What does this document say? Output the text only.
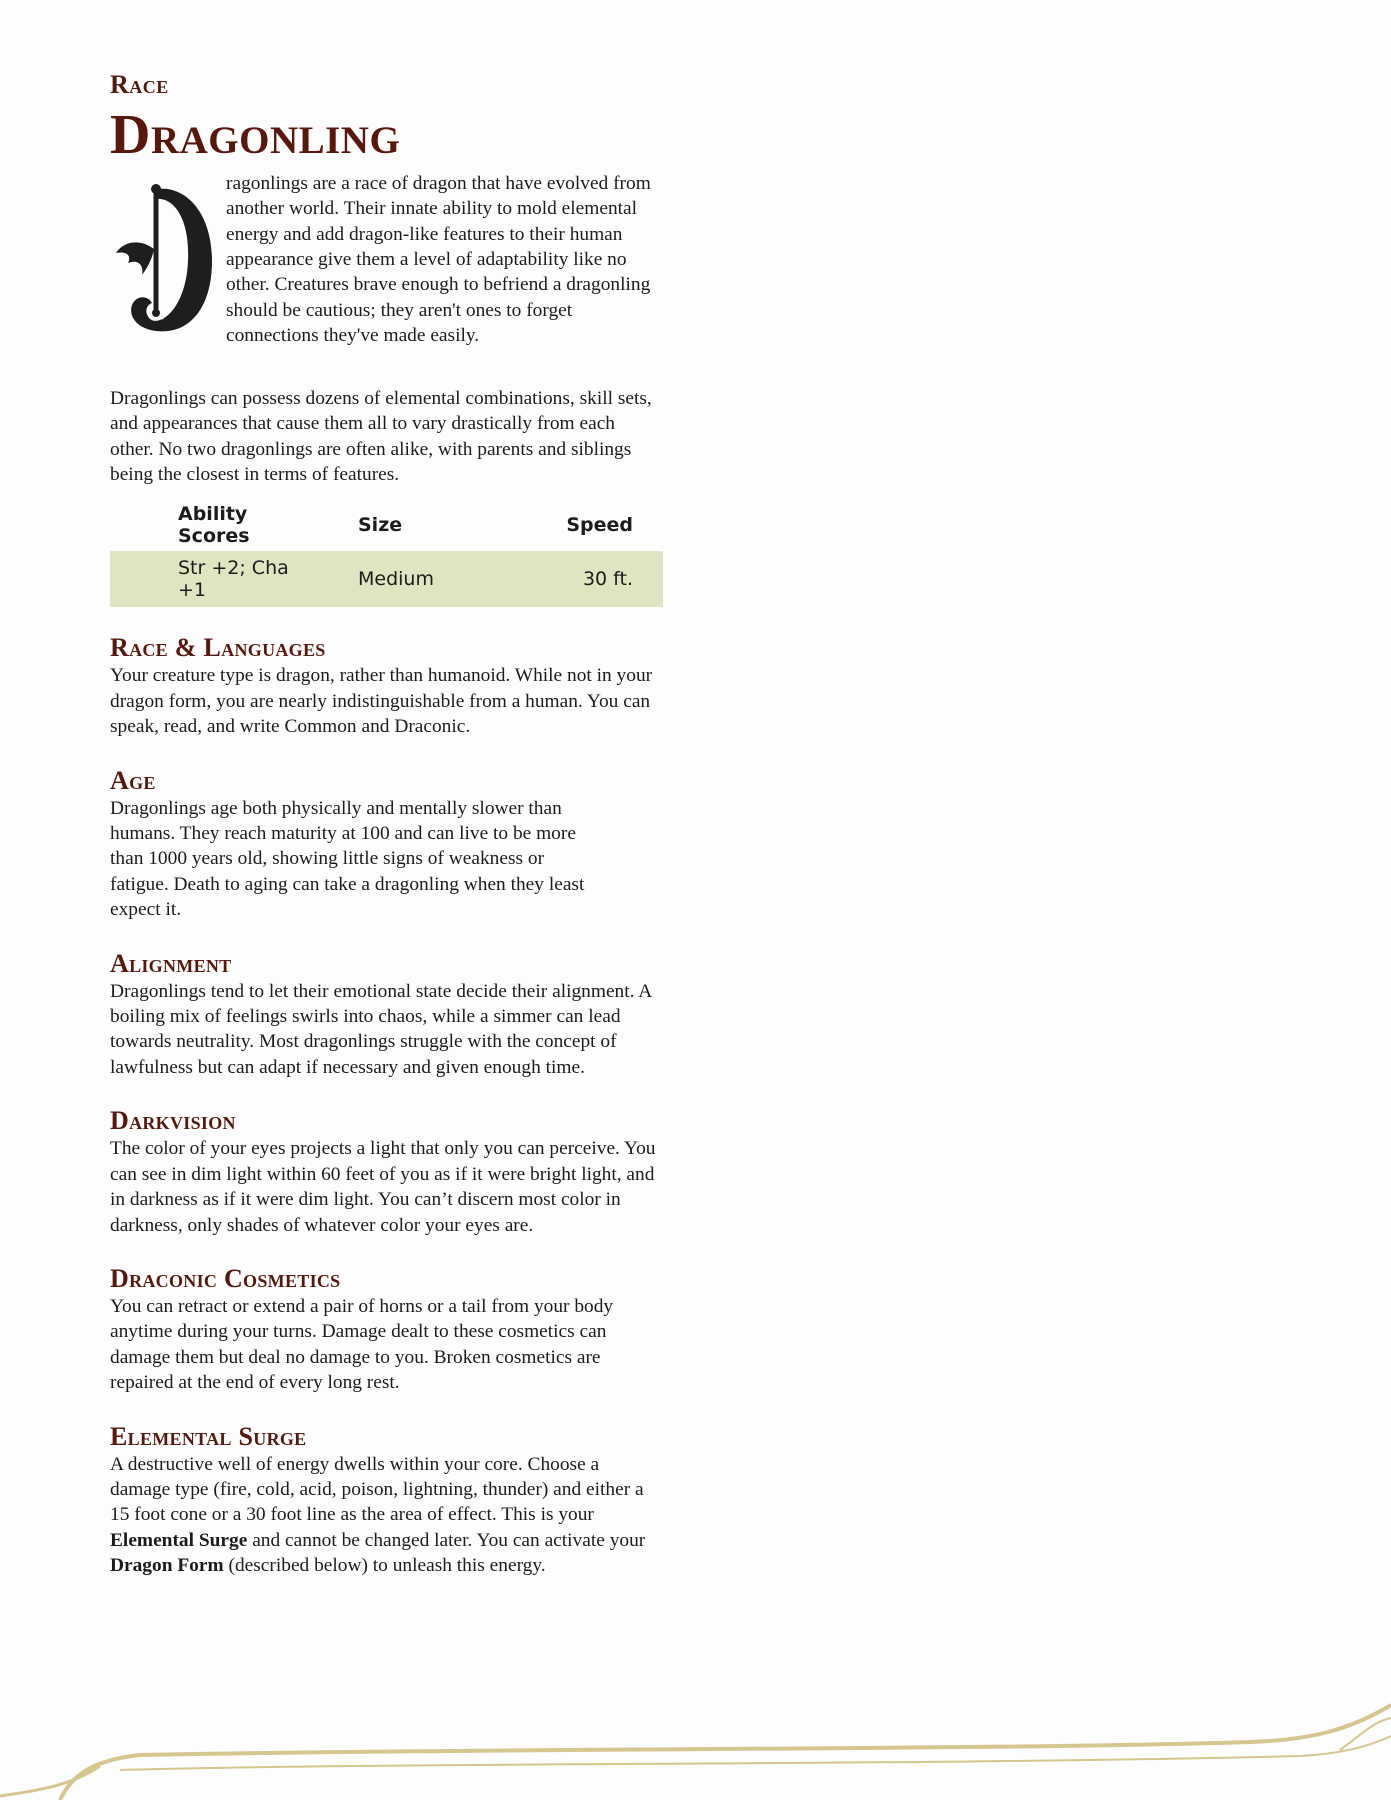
Race
Dragonling

ragonlings are a race of dragon that have evolved from another world. Their innate ability to mold elemental energy and add dragon-like features to their human appearance give them a level of adaptability like no other. Creatures brave enough to befriend a dragonling should be cautious; they aren't ones to forget connections they've made easily.

Dragonlings can possess dozens of elemental combinations, skill sets, and appearances that cause them all to vary drastically from each other. No two dragonlings are often alike, with parents and siblings being the closest in terms of features.

Ability Scores	Size	Speed
Str +2; Cha +1	Medium	30 ft.
Race & Languages

Your creature type is dragon, rather than humanoid. While not in your dragon form, you are nearly indistinguishable from a human. You can speak, read, and write Common and Draconic.

Age

Dragonlings age both physically and mentally slower than humans. They reach maturity at 100 and can live to be more than 1000 years old, showing little signs of weakness or fatigue. Death to aging can take a dragonling when they least expect it.

Alignment

Dragonlings tend to let their emotional state decide their alignment. A boiling mix of feelings swirls into chaos, while a simmer can lead towards neutrality. Most dragonlings struggle with the concept of lawfulness but can adapt if necessary and given enough time.

Darkvision

The color of your eyes projects a light that only you can perceive. You can see in dim light within 60 feet of you as if it were bright light, and in darkness as if it were dim light. You can’t discern most color in darkness, only shades of whatever color your eyes are.

Draconic Cosmetics

You can retract or extend a pair of horns or a tail from your body anytime during your turns. Damage dealt to these cosmetics can damage them but deal no damage to you. Broken cosmetics are repaired at the end of every long rest.

Elemental Surge

A destructive well of energy dwells within your core. Choose a damage type (fire, cold, acid, poison, lightning, thunder) and either a 15 foot cone or a 30 foot line as the area of effect. This is your Elemental Surge and cannot be changed later. You can activate your Dragon Form (described below) to unleash this energy.
